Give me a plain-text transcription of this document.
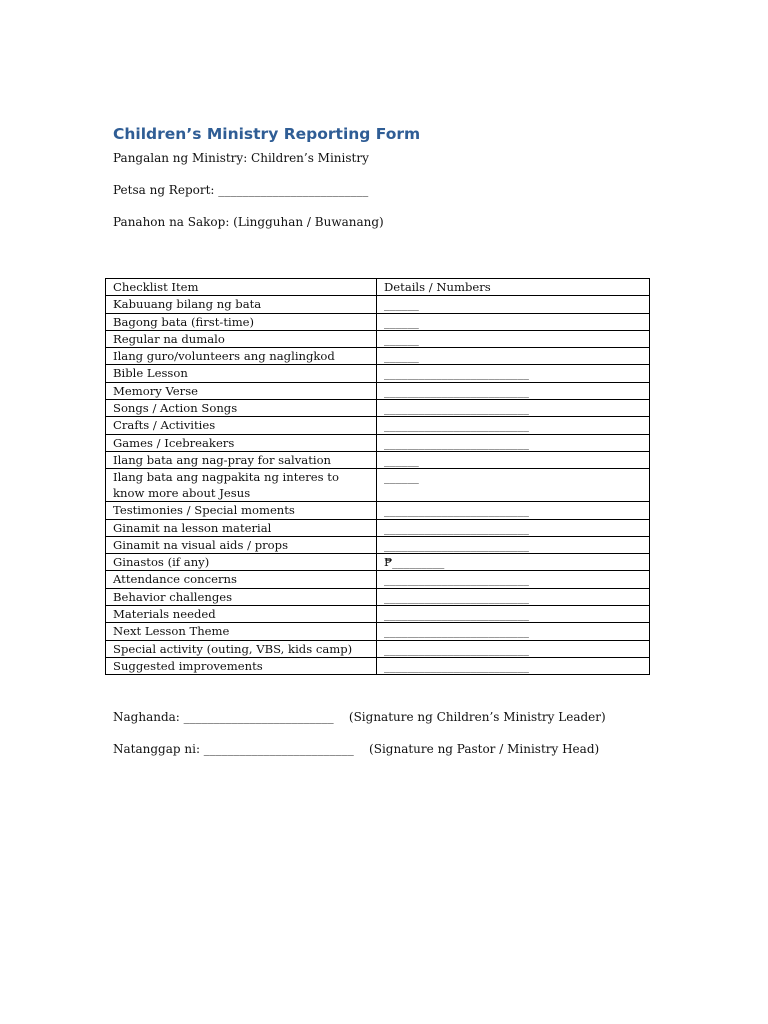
Children’s Ministry Reporting Form
Pangalan ng Ministry: Children’s Ministry
Petsa ng Report: _________________________
Panahon na Sakop: (Lingguhan / Buwanang)
Checklist Item	Details / Numbers
Kabuuang bilang ng bata	______
Bagong bata (first-time)	______
Regular na dumalo	______
Ilang guro/volunteers ang naglingkod	______
Bible Lesson	_________________________
Memory Verse	_________________________
Songs / Action Songs	_________________________
Crafts / Activities	_________________________
Games / Icebreakers	_________________________
Ilang bata ang nag-pray for salvation	______
Ilang bata ang nagpakita ng interes to know more about Jesus	______
Testimonies / Special moments	_________________________
Ginamit na lesson material	_________________________
Ginamit na visual aids / props	_________________________
Ginastos (if any)	₱_________
Attendance concerns	_________________________
Behavior challenges	_________________________
Materials needed	_________________________
Next Lesson Theme	_________________________
Special activity (outing, VBS, kids camp)	_________________________
Suggested improvements	_________________________
Naghanda: _________________________    (Signature ng Children’s Ministry Leader)
Natanggap ni: _________________________    (Signature ng Pastor / Ministry Head)
